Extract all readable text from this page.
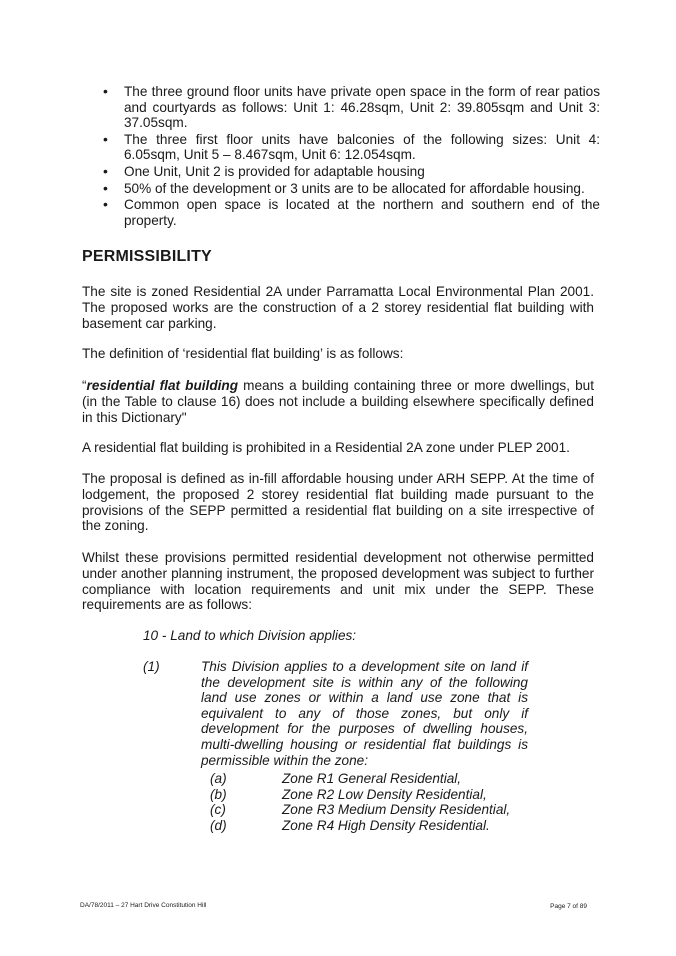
• The three ground floor units have private open space in the form of rear patios and courtyards as follows: Unit 1: 46.28sqm, Unit 2: 39.805sqm and Unit 3: 37.05sqm.
• The three first floor units have balconies of the following sizes: Unit 4: 6.05sqm, Unit 5 – 8.467sqm, Unit 6: 12.054sqm.
• One Unit, Unit 2 is provided for adaptable housing
• 50% of the development or 3 units are to be allocated for affordable housing.
• Common open space is located at the northern and southern end of the property.
PERMISSIBILITY

The site is zoned Residential 2A under Parramatta Local Environmental Plan 2001. The proposed works are the construction of a 2 storey residential flat building with basement car parking.

The definition of ‘residential flat building’ is as follows:

“residential flat building means a building containing three or more dwellings, but (in the Table to clause 16) does not include a building elsewhere specifically defined in this Dictionary"

A residential flat building is prohibited in a Residential 2A zone under PLEP 2001.

The proposal is defined as in-fill affordable housing under ARH SEPP. At the time of lodgement, the proposed 2 storey residential flat building made pursuant to the provisions of the SEPP permitted a residential flat building on a site irrespective of the zoning.

Whilst these provisions permitted residential development not otherwise permitted under another planning instrument, the proposed development was subject to further compliance with location requirements and unit mix under the SEPP. These requirements are as follows:

10 - Land to which Division applies:

(1)	This Division applies to a development site on land if the development site is within any of the following land use zones or within a land use zone that is equivalent to any of those zones, but only if development for the purposes of dwelling houses, multi-dwelling housing or residential flat buildings is permissible within the zone:

(a)	Zone R1 General Residential,
(b)	Zone R2 Low Density Residential,
(c)	Zone R3 Medium Density Residential,
(d)	Zone R4 High Density Residential.

DA/78/2011 – 27 Hart Drive Constitution Hill	Page 7 of 89
